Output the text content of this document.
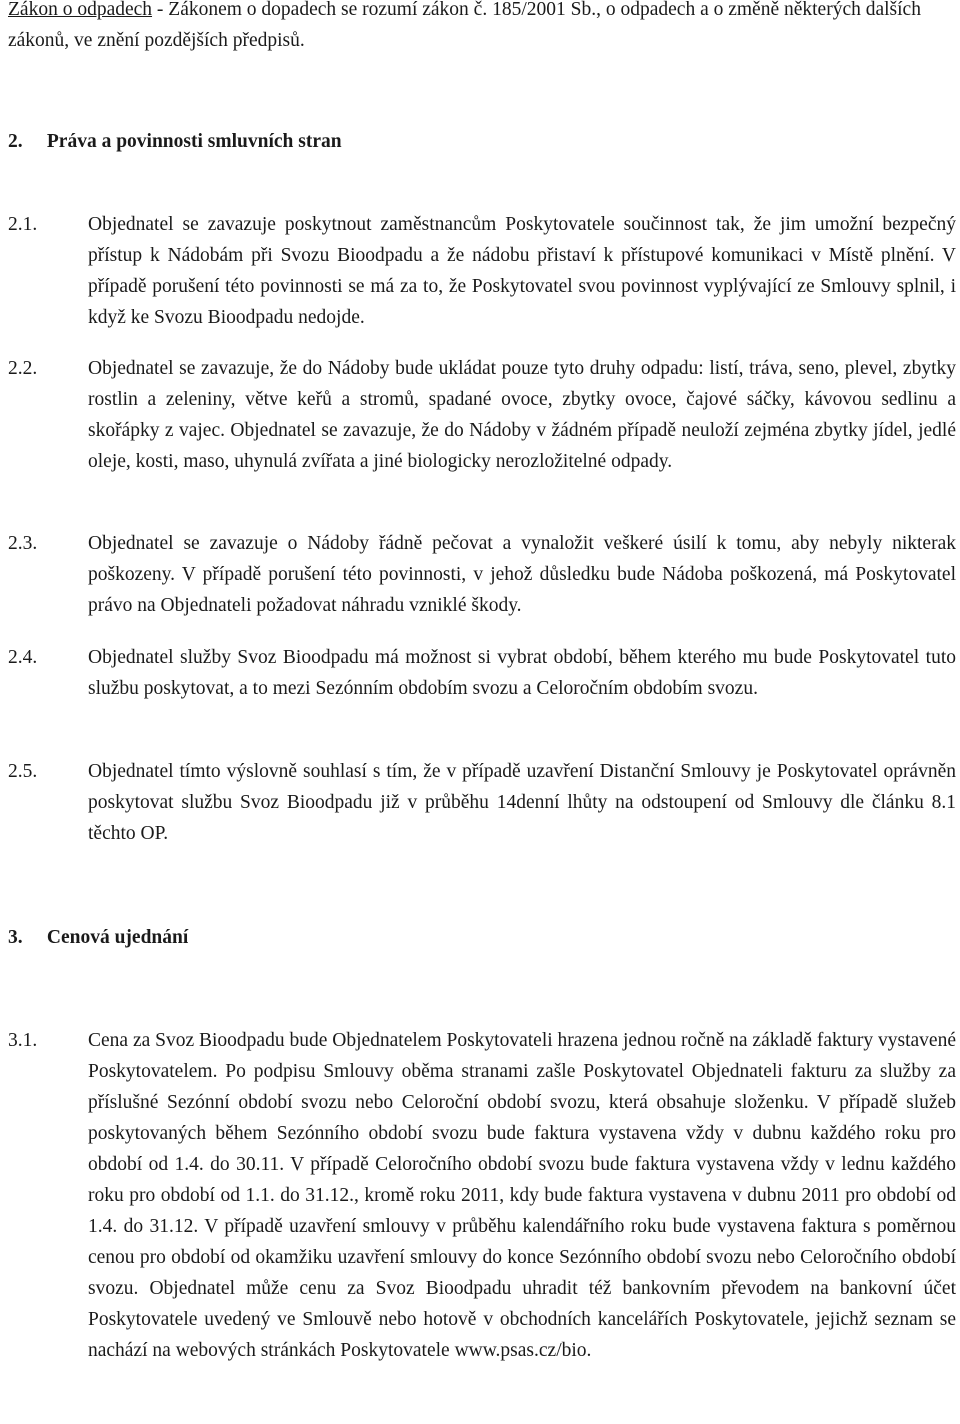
Zákon o odpadech - Zákonem o dopadech se rozumí zákon č. 185/2001 Sb., o odpadech a o změně některých dalších zákonů, ve znění pozdějších předpisů.
2. Práva a povinnosti smluvních stran
2.1.	Objednatel se zavazuje poskytnout zaměstnancům Poskytovatele součinnost tak, že jim umožní bezpečný přístup k Nádobám při Svozu Bioodpadu a že nádobu přistaví k přístupové komunikaci v Místě plnění. V případě porušení této povinnosti se má za to, že Poskytovatel svou povinnost vyplývající ze Smlouvy splnil, i když ke Svozu Bioodpadu nedojde.
2.2.	Objednatel se zavazuje, že do Nádoby bude ukládat pouze tyto druhy odpadu: listí, tráva, seno, plevel, zbytky rostlin a zeleniny, větve keřů a stromů, spadané ovoce, zbytky ovoce, čajové sáčky, kávovou sedlinu a skořápky z vajec. Objednatel se zavazuje, že do Nádoby v žádném případě neuloží zejména zbytky jídel, jedlé oleje, kosti, maso, uhynulá zvířata a jiné biologicky nerozložitelné odpady.
2.3.	Objednatel se zavazuje o Nádoby řádně pečovat a vynaložit veškeré úsilí k tomu, aby nebyly nikterak poškozeny. V případě porušení této povinnosti, v jehož důsledku bude Nádoba poškozená, má Poskytovatel právo na Objednateli požadovat náhradu vzniklé škody.
2.4.	Objednatel služby Svoz Bioodpadu má možnost si vybrat období, během kterého mu bude Poskytovatel tuto službu poskytovat, a to mezi Sezónním obdobím svozu a Celoročním obdobím svozu.
2.5.	Objednatel tímto výslovně souhlasí s tím, že v případě uzavření Distanční Smlouvy je Poskytovatel oprávněn poskytovat službu Svoz Bioodpadu již v průběhu 14denní lhůty na odstoupení od Smlouvy dle článku 8.1 těchto OP.
3. Cenová ujednání
3.1.	Cena za Svoz Bioodpadu bude Objednatelem Poskytovateli hrazena jednou ročně na základě faktury vystavené Poskytovatelem. Po podpisu Smlouvy oběma stranami zašle Poskytovatel Objednateli fakturu za služby za příslušné Sezónní období svozu nebo Celoroční období svozu, která obsahuje složenku. V případě služeb poskytovaných během Sezónního období svozu bude faktura vystavena vždy v dubnu každého roku pro období od 1.4. do 30.11. V případě Celoročního období svozu bude faktura vystavena vždy v lednu každého roku pro období od 1.1. do 31.12., kromě roku 2011, kdy bude faktura vystavena v dubnu 2011 pro období od 1.4. do 31.12. V případě uzavření smlouvy v průběhu kalendářního roku bude vystavena faktura s poměrnou cenou pro období od okamžiku uzavření smlouvy do konce Sezónního období svozu nebo Celoročního období svozu. Objednatel může cenu za Svoz Bioodpadu uhradit též bankovním převodem na bankovní účet Poskytovatele uvedený ve Smlouvě nebo hotově v obchodních kancelářích Poskytovatele, jejichž seznam se nachází na webových stránkách Poskytovatele www.psas.cz/bio.
